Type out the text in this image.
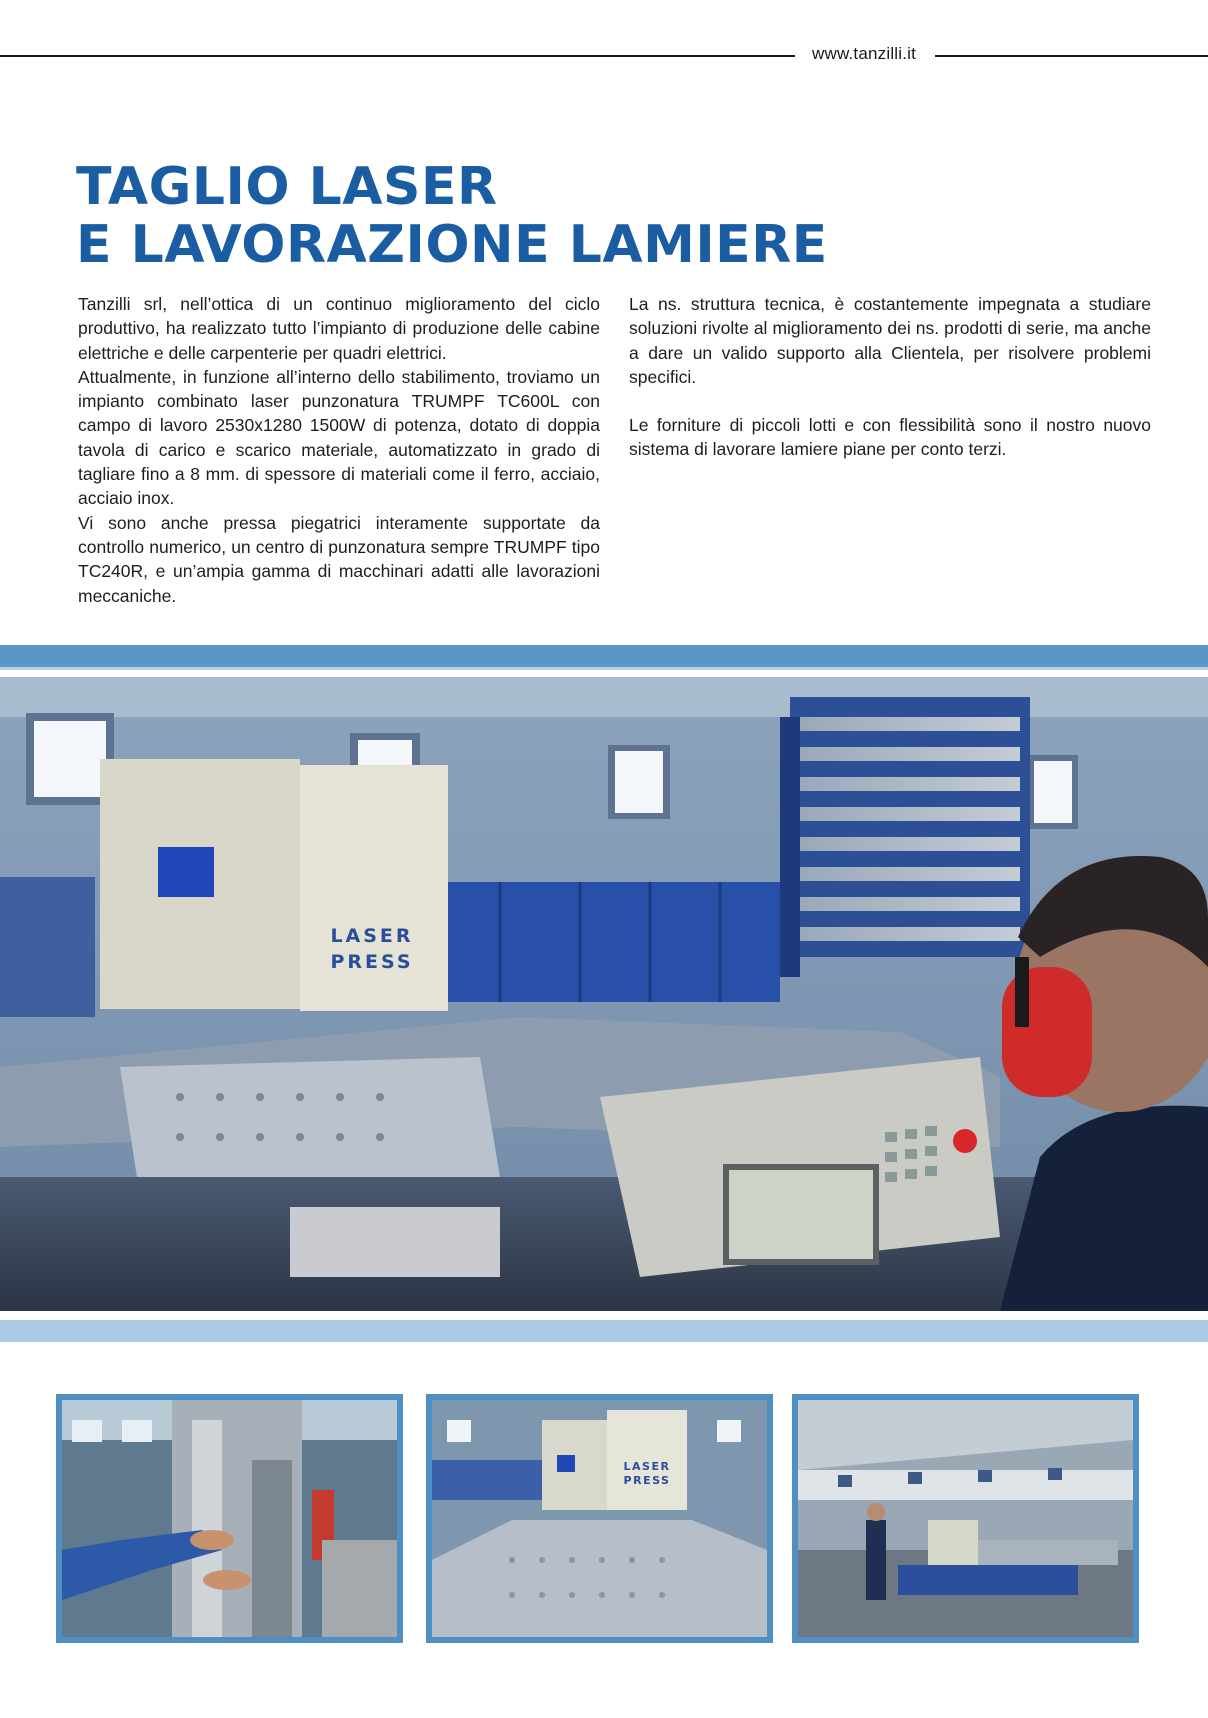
www.tanzilli.it
TAGLIO LASER
E LAVORAZIONE LAMIERE

Tanzilli srl, nell’ottica di un continuo miglioramento del ciclo produttivo, ha realizzato tutto l’impianto di produzione delle cabine elettriche e delle carpenterie per quadri elettrici.

Attualmente, in funzione all’interno dello stabilimento, troviamo un impianto combinato laser punzonatura TRUMPF TC600L con campo di lavoro 2530x1280 1500W di potenza, dotato di doppia tavola di carico e scarico materiale, automatizzato in grado di tagliare fino a 8 mm. di spessore di materiali come il ferro, acciaio, acciaio inox.

Vi sono anche pressa piegatrici interamente supportate da controllo numerico, un centro di punzonatura sempre TRUMPF tipo TC240R, e un’ampia gamma di macchinari adatti alle lavorazioni meccaniche.

La ns. struttura tecnica, è costantemente impegnata a studiare soluzioni rivolte al miglioramento dei ns. prodotti di serie, ma anche a dare un valido supporto alla Clientela, per risolvere problemi specifici.

Le forniture di piccoli lotti e con flessibilità sono il nostro nuovo sistema di lavorare lamiere piane per conto terzi.

LASER
PRESS
LASER
PRESS
